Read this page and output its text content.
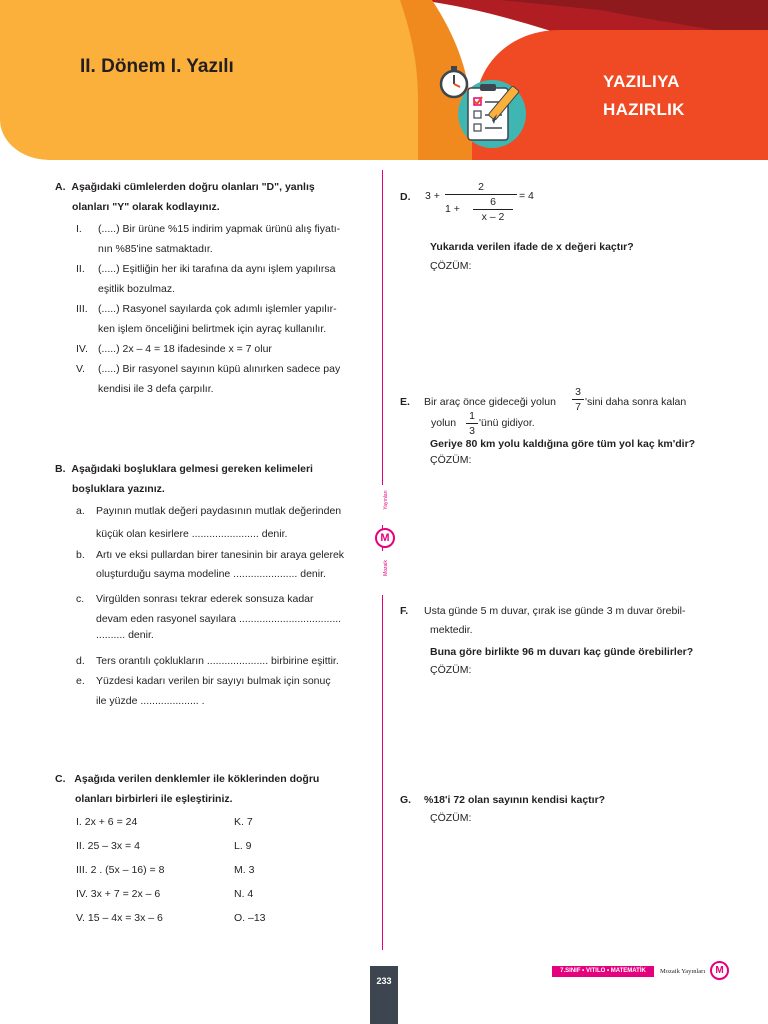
II. Dönem I. Yazılı
YAZILIYA
HAZIRLIK
Yayınları
M
Mozaik
A.  Aşağıdaki cümlelerden doğru olanları "D", yanlış
olanları "Y" olarak kodlayınız.
I. (.....) Bir ürüne %15 indirim yapmak ürünü alış fiyatı-
nın %85'ine satmaktadır.
II. (.....) Eşitliğin her iki tarafına da aynı işlem yapılırsa
eşitlik bozulmaz.
III. (.....) Rasyonel sayılarda çok adımlı işlemler yapılır-
ken işlem önceliğini belirtmek için ayraç kullanılır.
IV. (.....) 2x – 4 = 18 ifadesinde x = 7 olur
V. (.....) Bir rasyonel sayının küpü alınırken sadece pay
kendisi ile 3 defa çarpılır.
B.  Aşağıdaki boşluklara gelmesi gereken kelimeleri
boşluklara yazınız.
a. Payının mutlak değeri paydasının mutlak değerinden
küçük olan kesirlere ....................... denir.
b. Artı ve eksi pullardan birer tanesinin bir araya gelerek
oluşturduğu sayma modeline ...................... denir.
c. Virgülden sonrası tekrar ederek sonsuza kadar
devam eden rasyonel sayılara ...................................
.......... denir.
d. Ters orantılı çoklukların ..................... birbirine eşittir.
e. Yüzdesi kadarı verilen bir sayıyı bulmak için sonuç
ile yüzde .................... .
C.   Aşağıda verilen denklemler ile köklerinden doğru
olanları birbirleri ile eşleştiriniz.
I. 2x + 6 = 24
II. 25 – 3x = 4
III. 2 . (5x – 16) = 8
IV. 3x + 7 = 2x – 6
V. 15 – 4x = 3x – 6
K. 7
L. 9
M. 3
N. 4
O. –13
D. 3 +
2
1 +
6
x – 2
= 4
Yukarıda verilen ifade de x değeri kaçtır?
ÇÖZÜM:
E. Bir araç önce gideceği yolun
3
7 'sini daha sonra kalan
yolun
1
3
'ünü gidiyor.
Geriye 80 km yolu kaldığına göre tüm yol kaç km'dir?
ÇÖZÜM:
F. Usta günde 5 m duvar, çırak ise günde 3 m duvar örebil-
mektedir.
Buna göre birlikte 96 m duvarı kaç günde örebilirler?
ÇÖZÜM:
G. %18'i 72 olan sayının kendisi kaçtır?
ÇÖZÜM:
233
7.SINIF • VITILO • MATEMATİK	Mozaik Yayınları	M
